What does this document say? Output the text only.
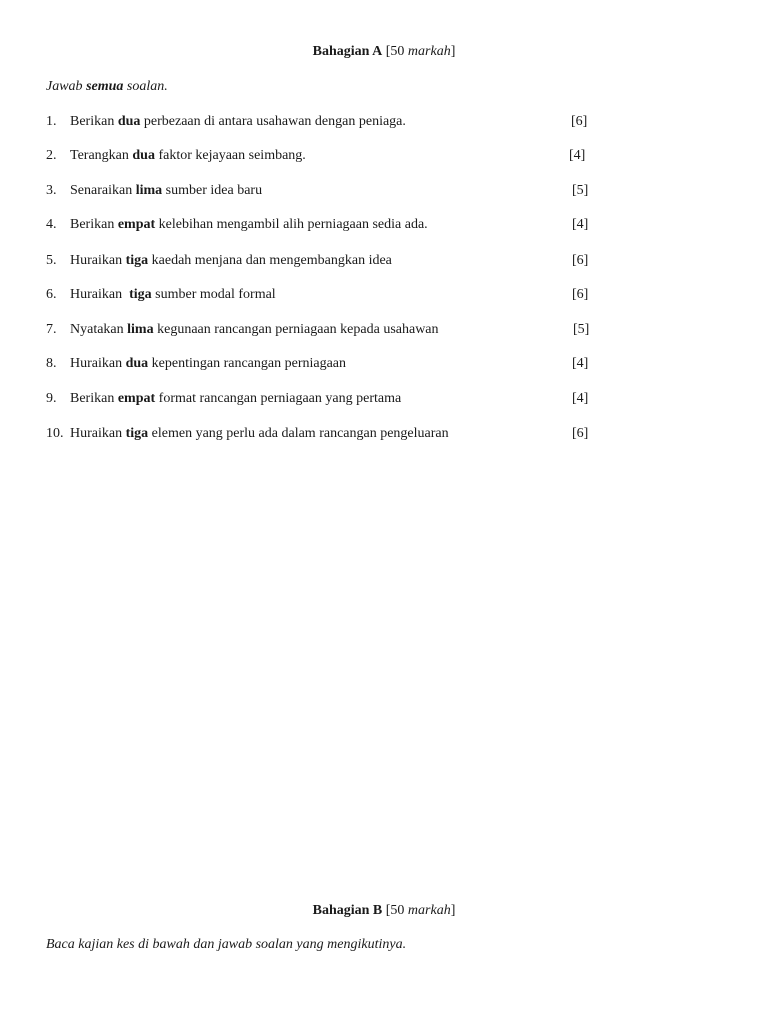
Bahagian A [50 markah]
Jawab semua soalan.
1. Berikan dua perbezaan di antara usahawan dengan peniaga.	[6]
2. Terangkan dua faktor kejayaan seimbang.	[4]
3. Senaraikan lima sumber idea baru	[5]
4. Berikan empat kelebihan mengambil alih perniagaan sedia ada.	[4]
5. Huraikan tiga kaedah menjana dan mengembangkan idea	[6]
6. Huraikan  tiga sumber modal formal	[6]
7. Nyatakan lima kegunaan rancangan perniagaan kepada usahawan	[5]
8. Huraikan dua kepentingan rancangan perniagaan	[4]
9. Berikan empat format rancangan perniagaan yang pertama	[4]
10. Huraikan tiga elemen yang perlu ada dalam rancangan pengeluaran	[6]
Bahagian B [50 markah]
Baca kajian kes di bawah dan jawab soalan yang mengikutinya.
